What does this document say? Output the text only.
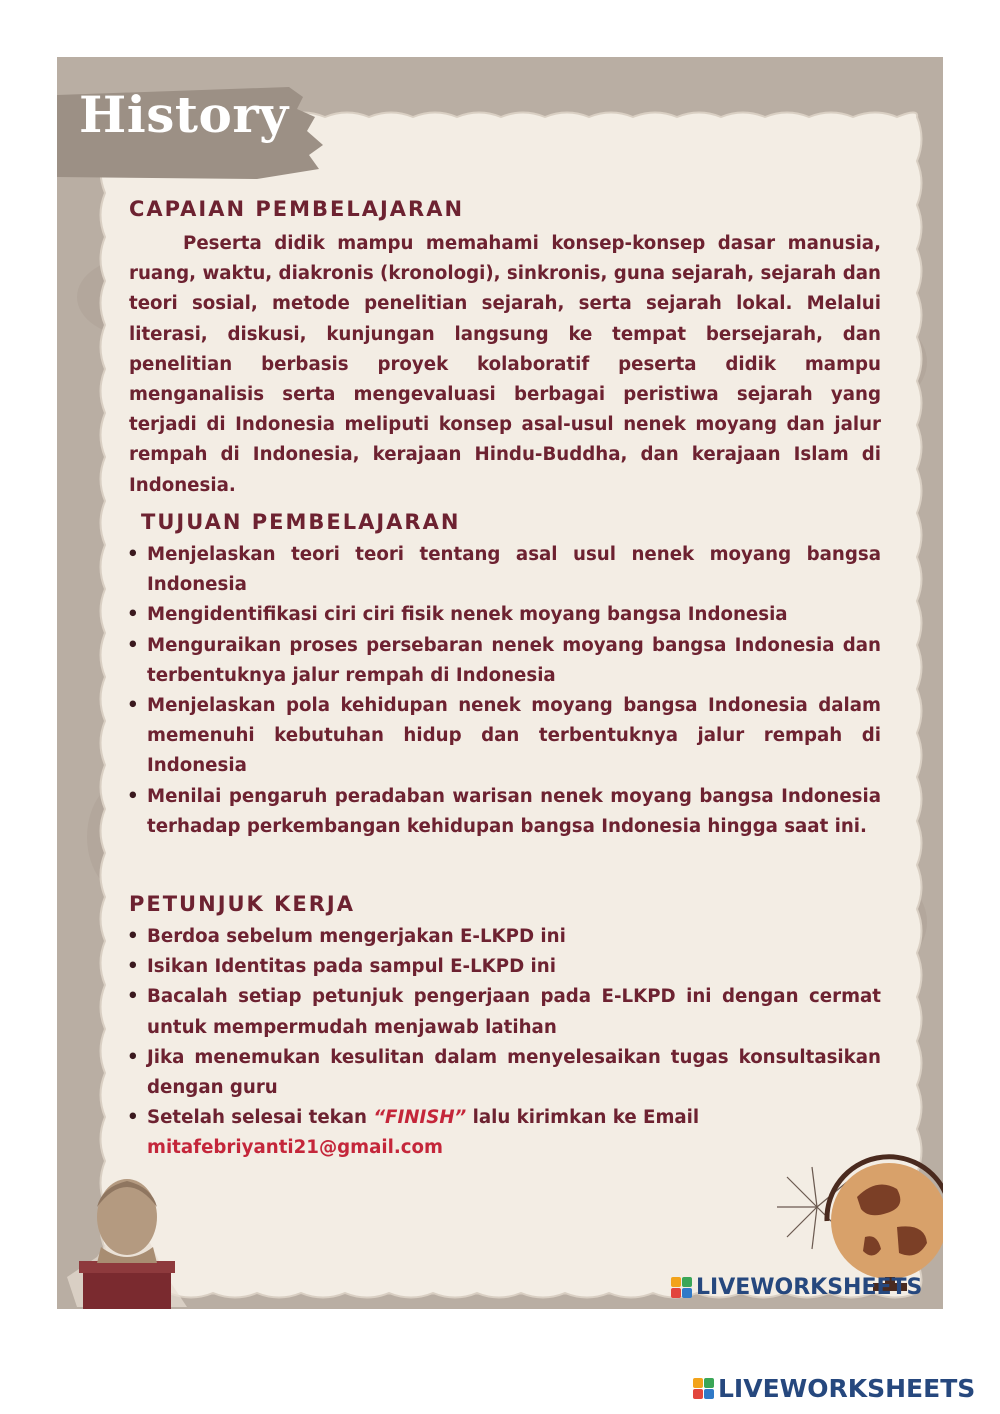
History
CAPAIAN PEMBELAJARAN

Peserta didik mampu memahami konsep-konsep dasar manusia, ruang, waktu, diakronis (kronologi), sinkronis, guna sejarah, sejarah dan teori sosial, metode penelitian sejarah, serta sejarah lokal. Melalui literasi, diskusi, kunjungan langsung ke tempat bersejarah, dan penelitian berbasis proyek kolaboratif peserta didik mampu menganalisis serta mengevaluasi berbagai peristiwa sejarah yang terjadi di Indonesia meliputi konsep asal-usul nenek moyang dan jalur rempah di Indonesia, kerajaan Hindu-Buddha, dan kerajaan Islam di Indonesia.

TUJUAN PEMBELAJARAN
• Menjelaskan teori teori tentang asal usul nenek moyang bangsa Indonesia
• Mengidentifikasi ciri ciri fisik nenek moyang bangsa Indonesia
• Menguraikan proses persebaran nenek moyang bangsa Indonesia dan terbentuknya jalur rempah di Indonesia
• Menjelaskan pola kehidupan nenek moyang bangsa Indonesia dalam memenuhi kebutuhan hidup dan terbentuknya jalur rempah di Indonesia
• Menilai pengaruh peradaban warisan nenek moyang bangsa Indonesia terhadap perkembangan kehidupan bangsa Indonesia hingga saat ini.
PETUNJUK KERJA
• Berdoa sebelum mengerjakan E-LKPD ini
• Isikan Identitas pada sampul E-LKPD ini
• Bacalah setiap petunjuk pengerjaan pada E-LKPD ini dengan cermat untuk mempermudah menjawab latihan
• Jika menemukan kesulitan dalam menyelesaikan tugas konsultasikan dengan guru
• Setelah selesai tekan “FINISH” lalu kirimkan ke Email
mitafebriyanti21@gmail.com
LIVEWORKSHEETS
LIVEWORKSHEETS
